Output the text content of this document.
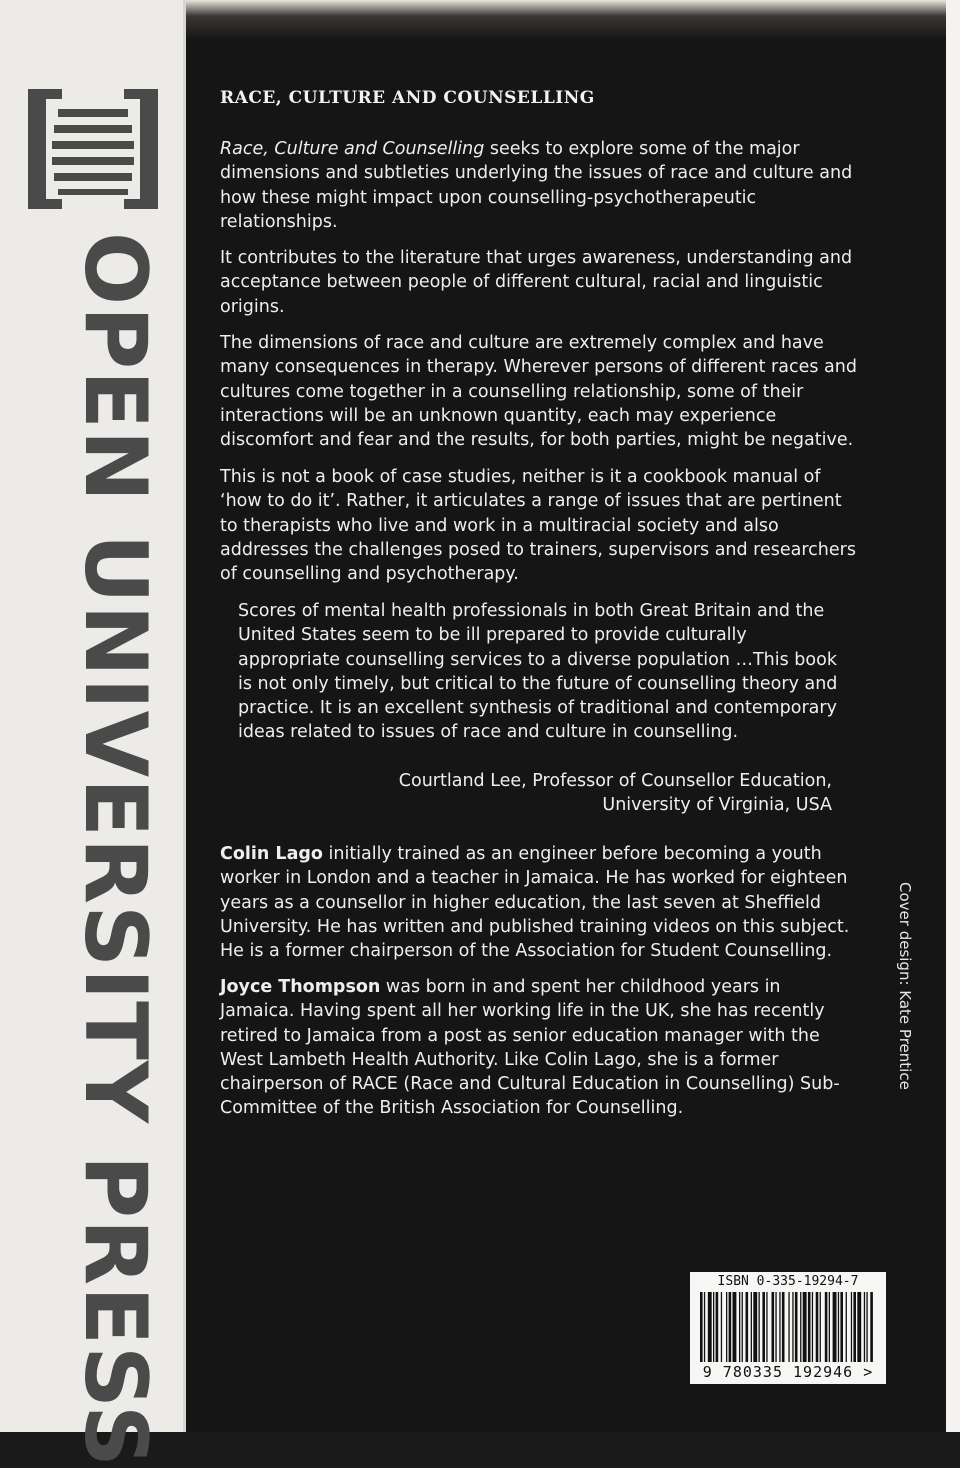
OPEN UNIVERSITY PRESS
RACE, CULTURE AND COUNSELLING

Race, Culture and Counselling seeks to explore some of the major dimensions and subtleties underlying the issues of race and culture and how these might impact upon counselling-psychotherapeutic relationships.

It contributes to the literature that urges awareness, understanding and acceptance between people of different cultural, racial and linguistic origins.
The dimensions of race and culture are extremely complex and have many consequences in therapy. Wherever persons of different races and cultures come together in a counselling relationship, some of their interactions will be an unknown quantity, each may experience discomfort and fear and the results, for both parties, might be negative.
This is not a book of case studies, neither is it a cookbook manual of ‘how to do it’. Rather, it articulates a range of issues that are pertinent to therapists who live and work in a multiracial society and also addresses the challenges posed to trainers, supervisors and researchers of counselling and psychotherapy.
Scores of mental health professionals in both Great Britain and the United States seem to be ill prepared to provide culturally appropriate counselling services to a diverse population …This book is not only timely, but critical to the future of counselling theory and practice. It is an excellent synthesis of traditional and contemporary ideas related to issues of race and culture in counselling.
Courtland Lee, Professor of Counsellor Education,
University of Virginia, USA
Colin Lago initially trained as an engineer before becoming a youth worker in London and a teacher in Jamaica. He has worked for eighteen years as a counsellor in higher education, the last seven at Sheffield University. He has written and published training videos on this subject. He is a former chairperson of the Association for Student Counselling.
Joyce Thompson was born in and spent her childhood years in Jamaica. Having spent all her working life in the UK, she has recently retired to Jamaica from a post as senior education manager with the West Lambeth Health Authority. Like Colin Lago, she is a former chairperson of RACE (Race and Cultural Education in Counselling) Sub-Committee of the British Association for Counselling.
Cover design: Kate Prentice
ISBN 0-335-19294-7
9 780335 192946 >
